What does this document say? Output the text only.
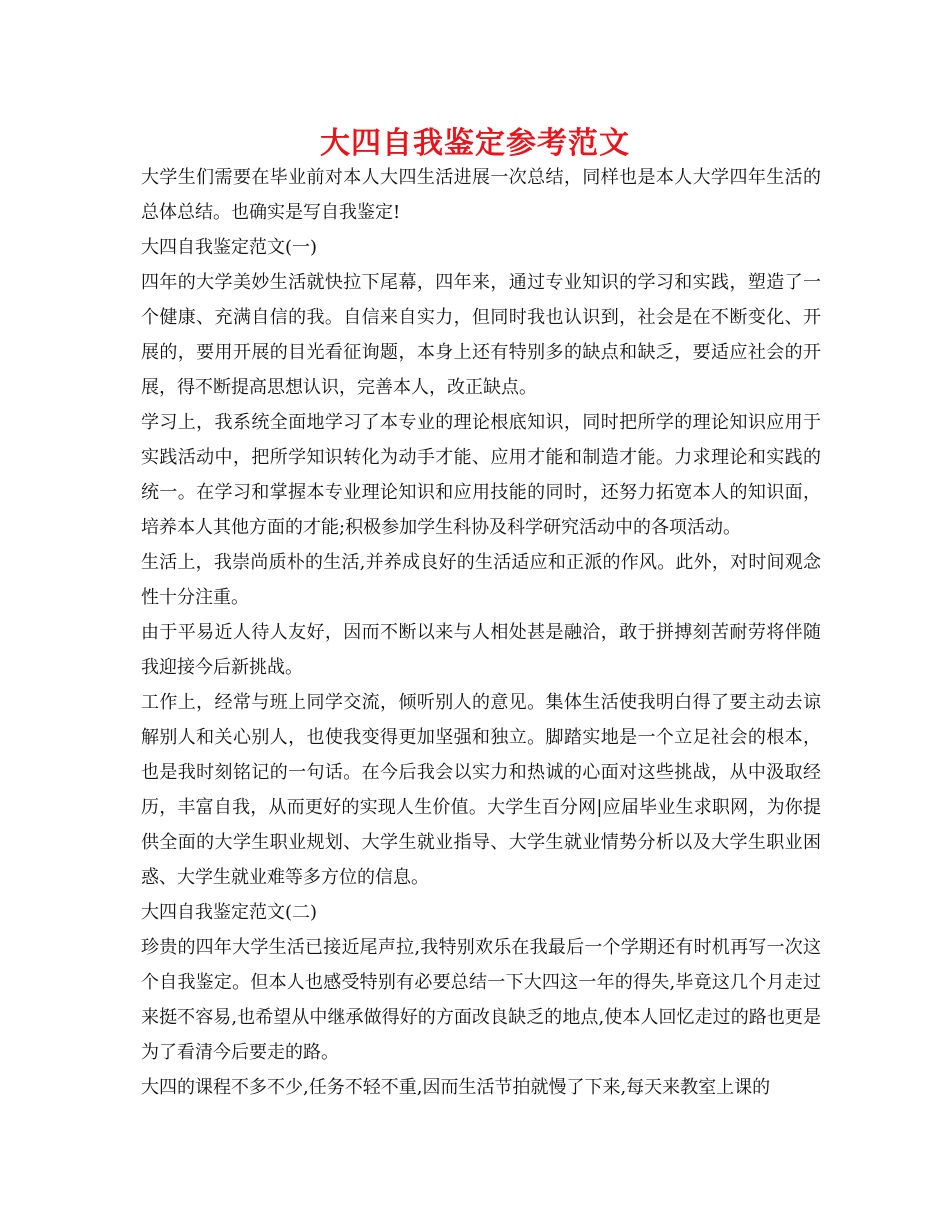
大四自我鉴定参考范文

大学生们需要在毕业前对本人大四生活进展一次总结，同样也是本人大学四年生活的总体总结。也确实是写自我鉴定!

大四自我鉴定范文(一)

四年的大学美妙生活就快拉下尾幕，四年来，通过专业知识的学习和实践，塑造了一个健康、充满自信的我。自信来自实力，但同时我也认识到，社会是在不断变化、开展的，要用开展的目光看征询题，本身上还有特别多的缺点和缺乏，要适应社会的开展，得不断提高思想认识，完善本人，改正缺点。

学习上，我系统全面地学习了本专业的理论根底知识，同时把所学的理论知识应用于实践活动中，把所学知识转化为动手才能、应用才能和制造才能。力求理论和实践的统一。在学习和掌握本专业理论知识和应用技能的同时，还努力拓宽本人的知识面，培养本人其他方面的才能;积极参加学生科协及科学研究活动中的各项活动。

生活上，我崇尚质朴的生活,并养成良好的生活适应和正派的作风。此外，对时间观念性十分注重。

由于平易近人待人友好，因而不断以来与人相处甚是融洽，敢于拼搏刻苦耐劳将伴随我迎接今后新挑战。

工作上，经常与班上同学交流，倾听别人的意见。集体生活使我明白得了要主动去谅解别人和关心别人，也使我变得更加坚强和独立。脚踏实地是一个立足社会的根本，也是我时刻铭记的一句话。在今后我会以实力和热诚的心面对这些挑战，从中汲取经历，丰富自我，从而更好的实现人生价值。大学生百分网|应届毕业生求职网，为你提供全面的大学生职业规划、大学生就业指导、大学生就业情势分析以及大学生职业困惑、大学生就业难等多方位的信息。

大四自我鉴定范文(二)

珍贵的四年大学生活已接近尾声拉,我特别欢乐在我最后一个学期还有时机再写一次这个自我鉴定。但本人也感受特别有必要总结一下大四这一年的得失,毕竟这几个月走过来挺不容易,也希望从中继承做得好的方面改良缺乏的地点,使本人回忆走过的路也更是为了看清今后要走的路。

大四的课程不多不少,任务不轻不重,因而生活节拍就慢了下来,每天来教室上课的
